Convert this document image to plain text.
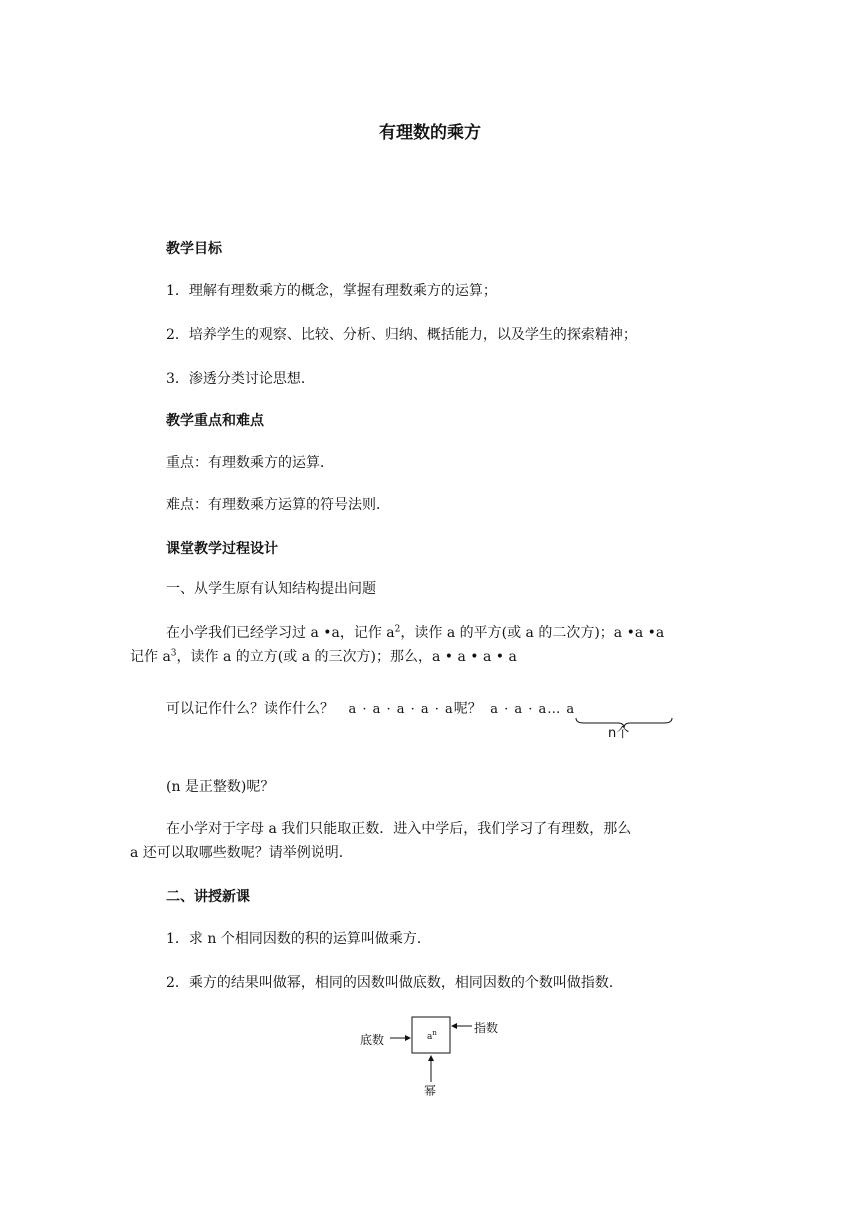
有理数的乘方
教学目标
1．理解有理数乘方的概念，掌握有理数乘方的运算；
2．培养学生的观察、比较、分析、归纳、概括能力，以及学生的探索精神；
3．渗透分类讨论思想．
教学重点和难点
重点：有理数乘方的运算．
难点：有理数乘方运算的符号法则．
课堂教学过程设计
一、从学生原有认知结构提出问题
在小学我们已经学习过 a •a，记作 $a^2$，读作 a 的平方(或 a 的二次方)；a •a •a
记作 $a^3$，读作 a 的立方(或 a 的三次方)；那么，a • a • a • a
可以记作什么？读作什么？ a · a · a · a · a呢？ a · a · a… a
n个
(n 是正整数)呢？
在小学对于字母 a 我们只能取正数．进入中学后，我们学习了有理数，那么
a 还可以取哪些数呢？请举例说明．
二、讲授新课
1．求 n 个相同因数的积的运算叫做乘方．
2．乘方的结果叫做幂，相同的因数叫做底数，相同因数的个数叫做指数．
底数
指数
幂
$a^n$
